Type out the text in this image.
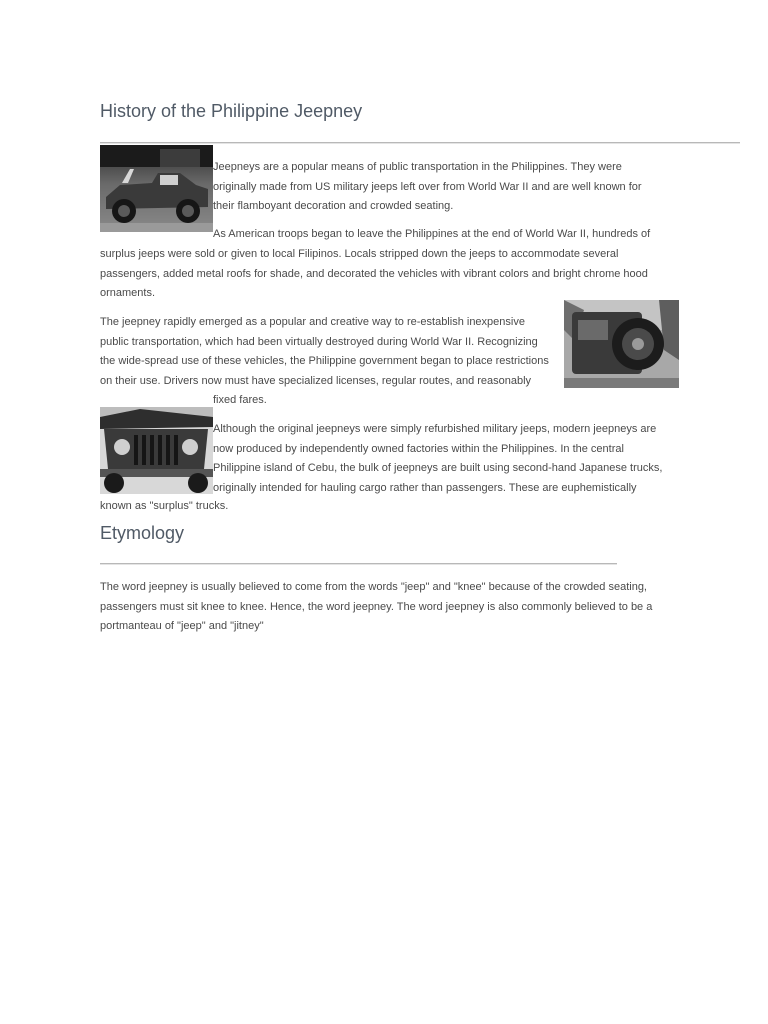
History of the Philippine Jeepney

Jeepneys are a popular means of public transportation in the Philippines. They were
originally made from US military jeeps left over from World War II and are well known for
their flamboyant decoration and crowded seating.

As American troops began to leave the Philippines at the end of World War II, hundreds of

surplus jeeps were sold or given to local Filipinos. Locals stripped down the jeeps to accommodate several
passengers, added metal roofs for shade, and decorated the vehicles with vibrant colors and bright chrome hood
ornaments.

The jeepney rapidly emerged as a popular and creative way to re-establish inexpensive
public transportation, which had been virtually destroyed during World War II. Recognizing
the wide-spread use of these vehicles, the Philippine government began to place restrictions
on their use. Drivers now must have specialized licenses, regular routes, and reasonably

fixed fares.

Although the original jeepneys were simply refurbished military jeeps, modern jeepneys are
now produced by independently owned factories within the Philippines. In the central
Philippine island of Cebu, the bulk of jeepneys are built using second-hand Japanese trucks,
originally intended for hauling cargo rather than passengers. These are euphemistically

known as "surplus" trucks.

Etymology

The word jeepney is usually believed to come from the words "jeep" and "knee" because of the crowded seating,
passengers must sit knee to knee. Hence, the word jeepney. The word jeepney is also commonly believed to be a
portmanteau of "jeep" and "jitney"
